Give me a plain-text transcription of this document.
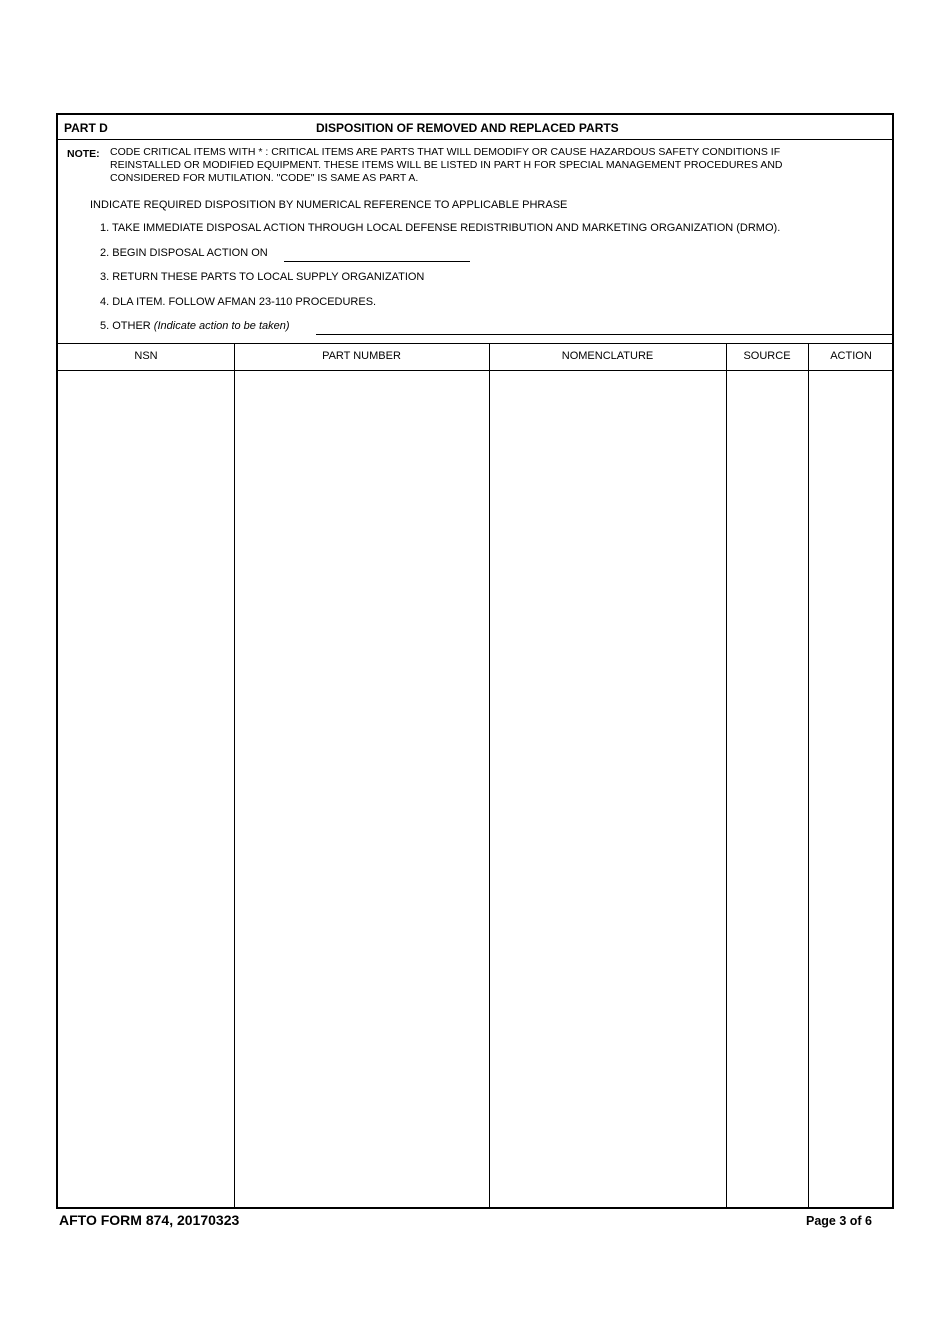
PART D	DISPOSITION OF REMOVED AND REPLACED PARTS
NOTE: CODE CRITICAL ITEMS WITH * : CRITICAL ITEMS ARE PARTS THAT WILL DEMODIFY OR CAUSE HAZARDOUS SAFETY CONDITIONS IF REINSTALLED OR MODIFIED EQUIPMENT. THESE ITEMS WILL BE LISTED IN PART H FOR SPECIAL MANAGEMENT PROCEDURES AND CONSIDERED FOR MUTILATION. "CODE" IS SAME AS PART A.
INDICATE REQUIRED DISPOSITION BY NUMERICAL REFERENCE TO APPLICABLE PHRASE
1. TAKE IMMEDIATE DISPOSAL ACTION THROUGH LOCAL DEFENSE REDISTRIBUTION AND MARKETING ORGANIZATION (DRMO).
2. BEGIN DISPOSAL ACTION ON
3. RETURN THESE PARTS TO LOCAL SUPPLY ORGANIZATION
4. DLA ITEM. FOLLOW AFMAN 23-110 PROCEDURES.
5. OTHER (Indicate action to be taken)
NSN	PART NUMBER	NOMENCLATURE	SOURCE	ACTION
AFTO FORM 874, 20170323	Page 3 of 6
